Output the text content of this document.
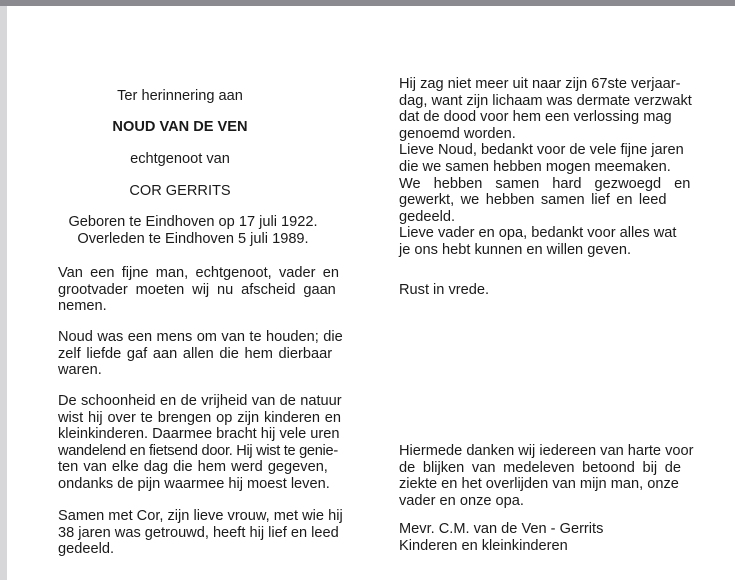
Ter herinnering aan
NOUD VAN DE VEN
echtgenoot van
COR GERRITS
Geboren te Eindhoven op 17 juli 1922.
Overleden te Eindhoven 5 juli 1989.
Van een fijne man, echtgenoot, vader en
grootvader moeten wij nu afscheid gaan
nemen.
Noud was een mens om van te houden; die
zelf liefde gaf aan allen die hem dierbaar
waren.
De schoonheid en de vrijheid van de natuur
wist hij over te brengen op zijn kinderen en
kleinkinderen. Daarmee bracht hij vele uren
wandelend en fietsend door. Hij wist te genie-
ten van elke dag die hem werd gegeven,
ondanks de pijn waarmee hij moest leven.
Samen met Cor, zijn lieve vrouw, met wie hij
38 jaren was getrouwd, heeft hij lief en leed
gedeeld.
Hij zag niet meer uit naar zijn 67ste verjaar-
dag, want zijn lichaam was dermate verzwakt
dat de dood voor hem een verlossing mag
genoemd worden.
Lieve Noud, bedankt voor de vele fijne jaren
die we samen hebben mogen meemaken.
We hebben samen hard gezwoegd en
gewerkt, we hebben samen lief en leed
gedeeld.
Lieve vader en opa, bedankt voor alles wat
je ons hebt kunnen en willen geven.
Rust in vrede.
Hiermede danken wij iedereen van harte voor
de blijken van medeleven betoond bij de
ziekte en het overlijden van mijn man, onze
vader en onze opa.
Mevr. C.M. van de Ven - Gerrits
Kinderen en kleinkinderen
